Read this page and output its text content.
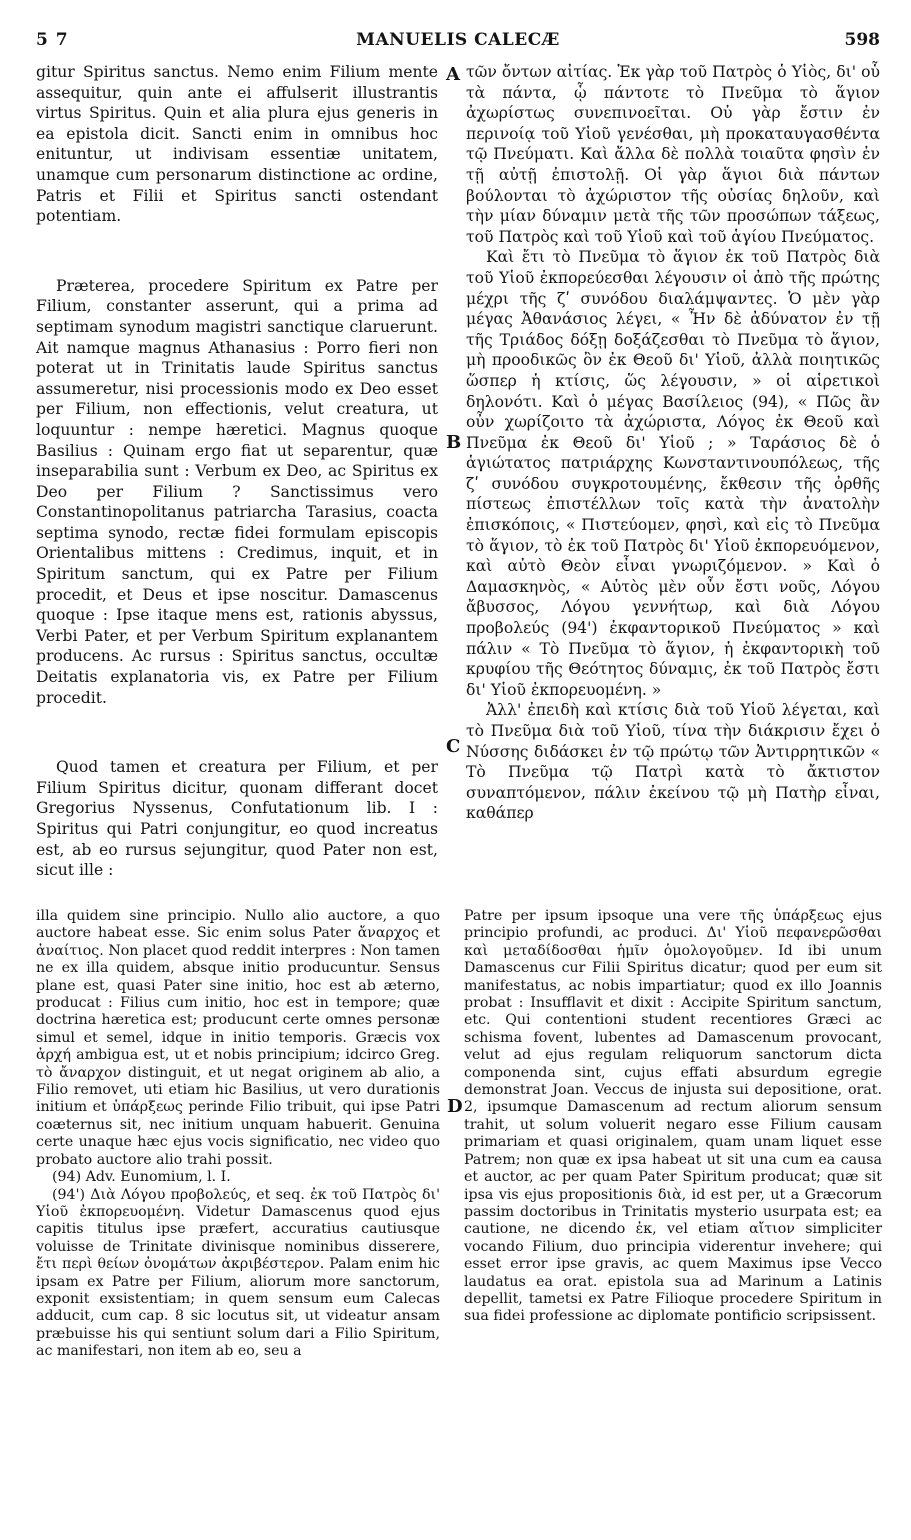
5 7	MANUELIS CALECÆ	598

gitur Spiritus sanctus. Nemo enim Filium mente assequitur, quin ante ei affulserit illustrantis virtus Spiritus. Quin et alia plura ejus generis in ea epistola dicit. Sancti enim in omnibus hoc enituntur, ut indivisam essentiæ unitatem, unamque cum personarum distinctione ac ordine, Patris et Filii et Spiritus sancti ostendant potentiam.

Præterea, procedere Spiritum ex Patre per Filium, constanter asserunt, qui a prima ad septimam synodum magistri sanctique claruerunt. Ait namque magnus Athanasius : Porro fieri non poterat ut in Trinitatis laude Spiritus sanctus assumeretur, nisi processionis modo ex Deo esset per Filium, non effectionis, velut creatura, ut loquuntur : nempe hæretici. Magnus quoque Basilius : Quinam ergo fiat ut separentur, quæ inseparabilia sunt : Verbum ex Deo, ac Spiritus ex Deo per Filium ? Sanctissimus vero Constantinopolitanus patriarcha Tarasius, coacta septima synodo, rectæ fidei formulam episcopis Orientalibus mittens : Credimus, inquit, et in Spiritum sanctum, qui ex Patre per Filium procedit, et Deus et ipse noscitur. Damascenus quoque : Ipse itaque mens est, rationis abyssus, Verbi Pater, et per Verbum Spiritum explanantem producens. Ac rursus : Spiritus sanctus, occultæ Deitatis explanatoria vis, ex Patre per Filium procedit.

Quod tamen et creatura per Filium, et per Filium Spiritus dicitur, quonam differant docet Gregorius Nyssenus, Confutationum lib. I : Spiritus qui Patri conjungitur, eo quod increatus est, ab eo rursus sejungitur, quod Pater non est, sicut ille :

τῶν ὄντων αἰτίας. Ἐκ γὰρ τοῦ Πατρὸς ὁ Υἱὸς, δι' οὗ τὰ πάντα, ᾧ πάντοτε τὸ Πνεῦμα τὸ ἅγιον ἀχωρίστως συνεπινοεῖται. Οὐ γὰρ ἔστιν ἐν περινοίᾳ τοῦ Υἱοῦ γενέσθαι, μὴ προκαταυγασθέντα τῷ Πνεύματι. Καὶ ἄλλα δὲ πολλὰ τοιαῦτα φησὶν ἐν τῇ αὐτῇ ἐπιστολῇ. Οἱ γὰρ ἅγιοι διὰ πάντων βούλονται τὸ ἀχώριστον τῆς οὐσίας δηλοῦν, καὶ τὴν μίαν δύναμιν μετὰ τῆς τῶν προσώπων τάξεως, τοῦ Πατρὸς καὶ τοῦ Υἱοῦ καὶ τοῦ ἁγίου Πνεύματος.

Καὶ ἔτι τὸ Πνεῦμα τὸ ἅγιον ἐκ τοῦ Πατρὸς διὰ τοῦ Υἱοῦ ἐκπορεύεσθαι λέγουσιν οἱ ἀπὸ τῆς πρώτης μέχρι τῆς ζʹ συνόδου διαλάμψαντες. Ὁ μὲν γὰρ μέγας Ἀθανάσιος λέγει, « Ἦν δὲ ἀδύνατον ἐν τῇ τῆς Τριάδος δόξῃ δοξάζεσθαι τὸ Πνεῦμα τὸ ἅγιον, μὴ προοδικῶς ὂν ἐκ Θεοῦ δι' Υἱοῦ, ἀλλὰ ποιητικῶς ὥσπερ ἡ κτίσις, ὥς λέγουσιν, » οἱ αἱρετικοὶ δηλονότι. Καὶ ὁ μέγας Βασίλειος (94), « Πῶς ἂν οὖν χωρίζοιτο τὰ ἀχώριστα, Λόγος ἐκ Θεοῦ καὶ Πνεῦμα ἐκ Θεοῦ δι' Υἱοῦ ; » Ταράσιος δὲ ὁ ἁγιώτατος πατριάρχης Κωνσταντινουπόλεως, τῆς ζʹ συνόδου συγκροτουμένης, ἔκθεσιν τῆς ὀρθῆς πίστεως ἐπιστέλλων τοῖς κατὰ τὴν ἀνατολὴν ἐπισκόποις, « Πιστεύομεν, φησὶ, καὶ εἰς τὸ Πνεῦμα τὸ ἅγιον, τὸ ἐκ τοῦ Πατρὸς δι' Υἱοῦ ἐκπορευόμενον, καὶ αὐτὸ Θεὸν εἶναι γνωριζόμενον. » Καὶ ὁ Δαμασκηνὸς, « Αὐτὸς μὲν οὖν ἔστι νοῦς, Λόγου ἄβυσσος, Λόγου γεννήτωρ, καὶ διὰ Λόγου προβολεύς (94') ἐκφαντορικοῦ Πνεύματος » καὶ πάλιν « Τὸ Πνεῦμα τὸ ἅγιον, ἡ ἐκφαντορικὴ τοῦ κρυφίου τῆς Θεότητος δύναμις, ἐκ τοῦ Πατρὸς ἔστι δι' Υἱοῦ ἐκπορευομένη. »

Ἀλλ' ἐπειδὴ καὶ κτίσις διὰ τοῦ Υἱοῦ λέγεται, καὶ τὸ Πνεῦμα διὰ τοῦ Υἱοῦ, τίνα τὴν διάκρισιν ἔχει ὁ Νύσσης διδάσκει ἐν τῷ πρώτῳ τῶν Ἀντιρρητικῶν « Τὸ Πνεῦμα τῷ Πατρὶ κατὰ τὸ ἄκτιστον συναπτόμενον, πάλιν ἐκείνου τῷ μὴ Πατὴρ εἶναι, καθάπερ

A
B
C
D

illa quidem sine principio. Nullo alio auctore, a quo auctore habeat esse. Sic enim solus Pater ἄναρχος et ἀναίτιος. Non placet quod reddit interpres : Non tamen ne ex illa quidem, absque initio producuntur. Sensus plane est, quasi Pater sine initio, hoc est ab æterno, producat : Filius cum initio, hoc est in tempore; quæ doctrina hæretica est; producunt certe omnes personæ simul et semel, idque in initio temporis. Græcis vox ἀρχή ambigua est, ut et nobis principium; idcirco Greg. τὸ ἄναρχον distinguit, et ut negat originem ab alio, a Filio removet, uti etiam hic Basilius, ut vero durationis initium et ὑπάρξεως perinde Filio tribuit, qui ipse Patri coæternus sit, nec initium unquam habuerit. Genuina certe unaque hæc ejus vocis significatio, nec video quo probato auctore alio trahi possit.

(94) Adv. Eunomium, l. I.

(94') Διὰ Λόγου προβολεύς, et seq. ἐκ τοῦ Πατρὸς δι' Υἱοῦ ἐκπορευομένη. Videtur Damascenus quod ejus capitis titulus ipse præfert, accuratius cautiusque voluisse de Trinitate divinisque nominibus disserere, ἔτι περὶ θείων ὀνομάτων ἀκριβέστερον. Palam enim hic ipsam ex Patre per Filium, aliorum more sanctorum, exponit exsistentiam; in quem sensum eum Calecas adducit, cum cap. 8 sic locutus sit, ut videatur ansam præbuisse his qui sentiunt solum dari a Filio Spiritum, ac manifestari, non item ab eo, seu a

Patre per ipsum ipsoque una vere τῆς ὑπάρξεως ejus principio profundi, ac produci. Δι' Υἱοῦ πεφανερῶσθαι καὶ μεταδίδοσθαι ἡμῖν ὁμολογοῦμεν. Id ibi unum Damascenus cur Filii Spiritus dicatur; quod per eum sit manifestatus, ac nobis impartiatur; quod ex illo Joannis probat : Insufflavit et dixit : Accipite Spiritum sanctum, etc. Qui contentioni student recentiores Græci ac schisma fovent, lubentes ad Damascenum provocant, velut ad ejus regulam reliquorum sanctorum dicta componenda sint, cujus effati absurdum egregie demonstrat Joan. Veccus de injusta sui depositione, orat. 2, ipsumque Damascenum ad rectum aliorum sensum trahit, ut solum voluerit negaro esse Filium causam primariam et quasi originalem, quam unam liquet esse Patrem; non quæ ex ipsa habeat ut sit una cum ea causa et auctor, ac per quam Pater Spiritum producat; quæ sit ipsa vis ejus propositionis διὰ, id est per, ut a Græcorum passim doctoribus in Trinitatis mysterio usurpata est; ea cautione, ne dicendo ἐκ, vel etiam αἴτιον simpliciter vocando Filium, duo principia viderentur invehere; qui esset error ipse gravis, ac quem Maximus ipse Vecco laudatus ea orat. epistola sua ad Marinum a Latinis depellit, tametsi ex Patre Filioque procedere Spiritum in sua fidei professione ac diplomate pontificio scripsissent.
